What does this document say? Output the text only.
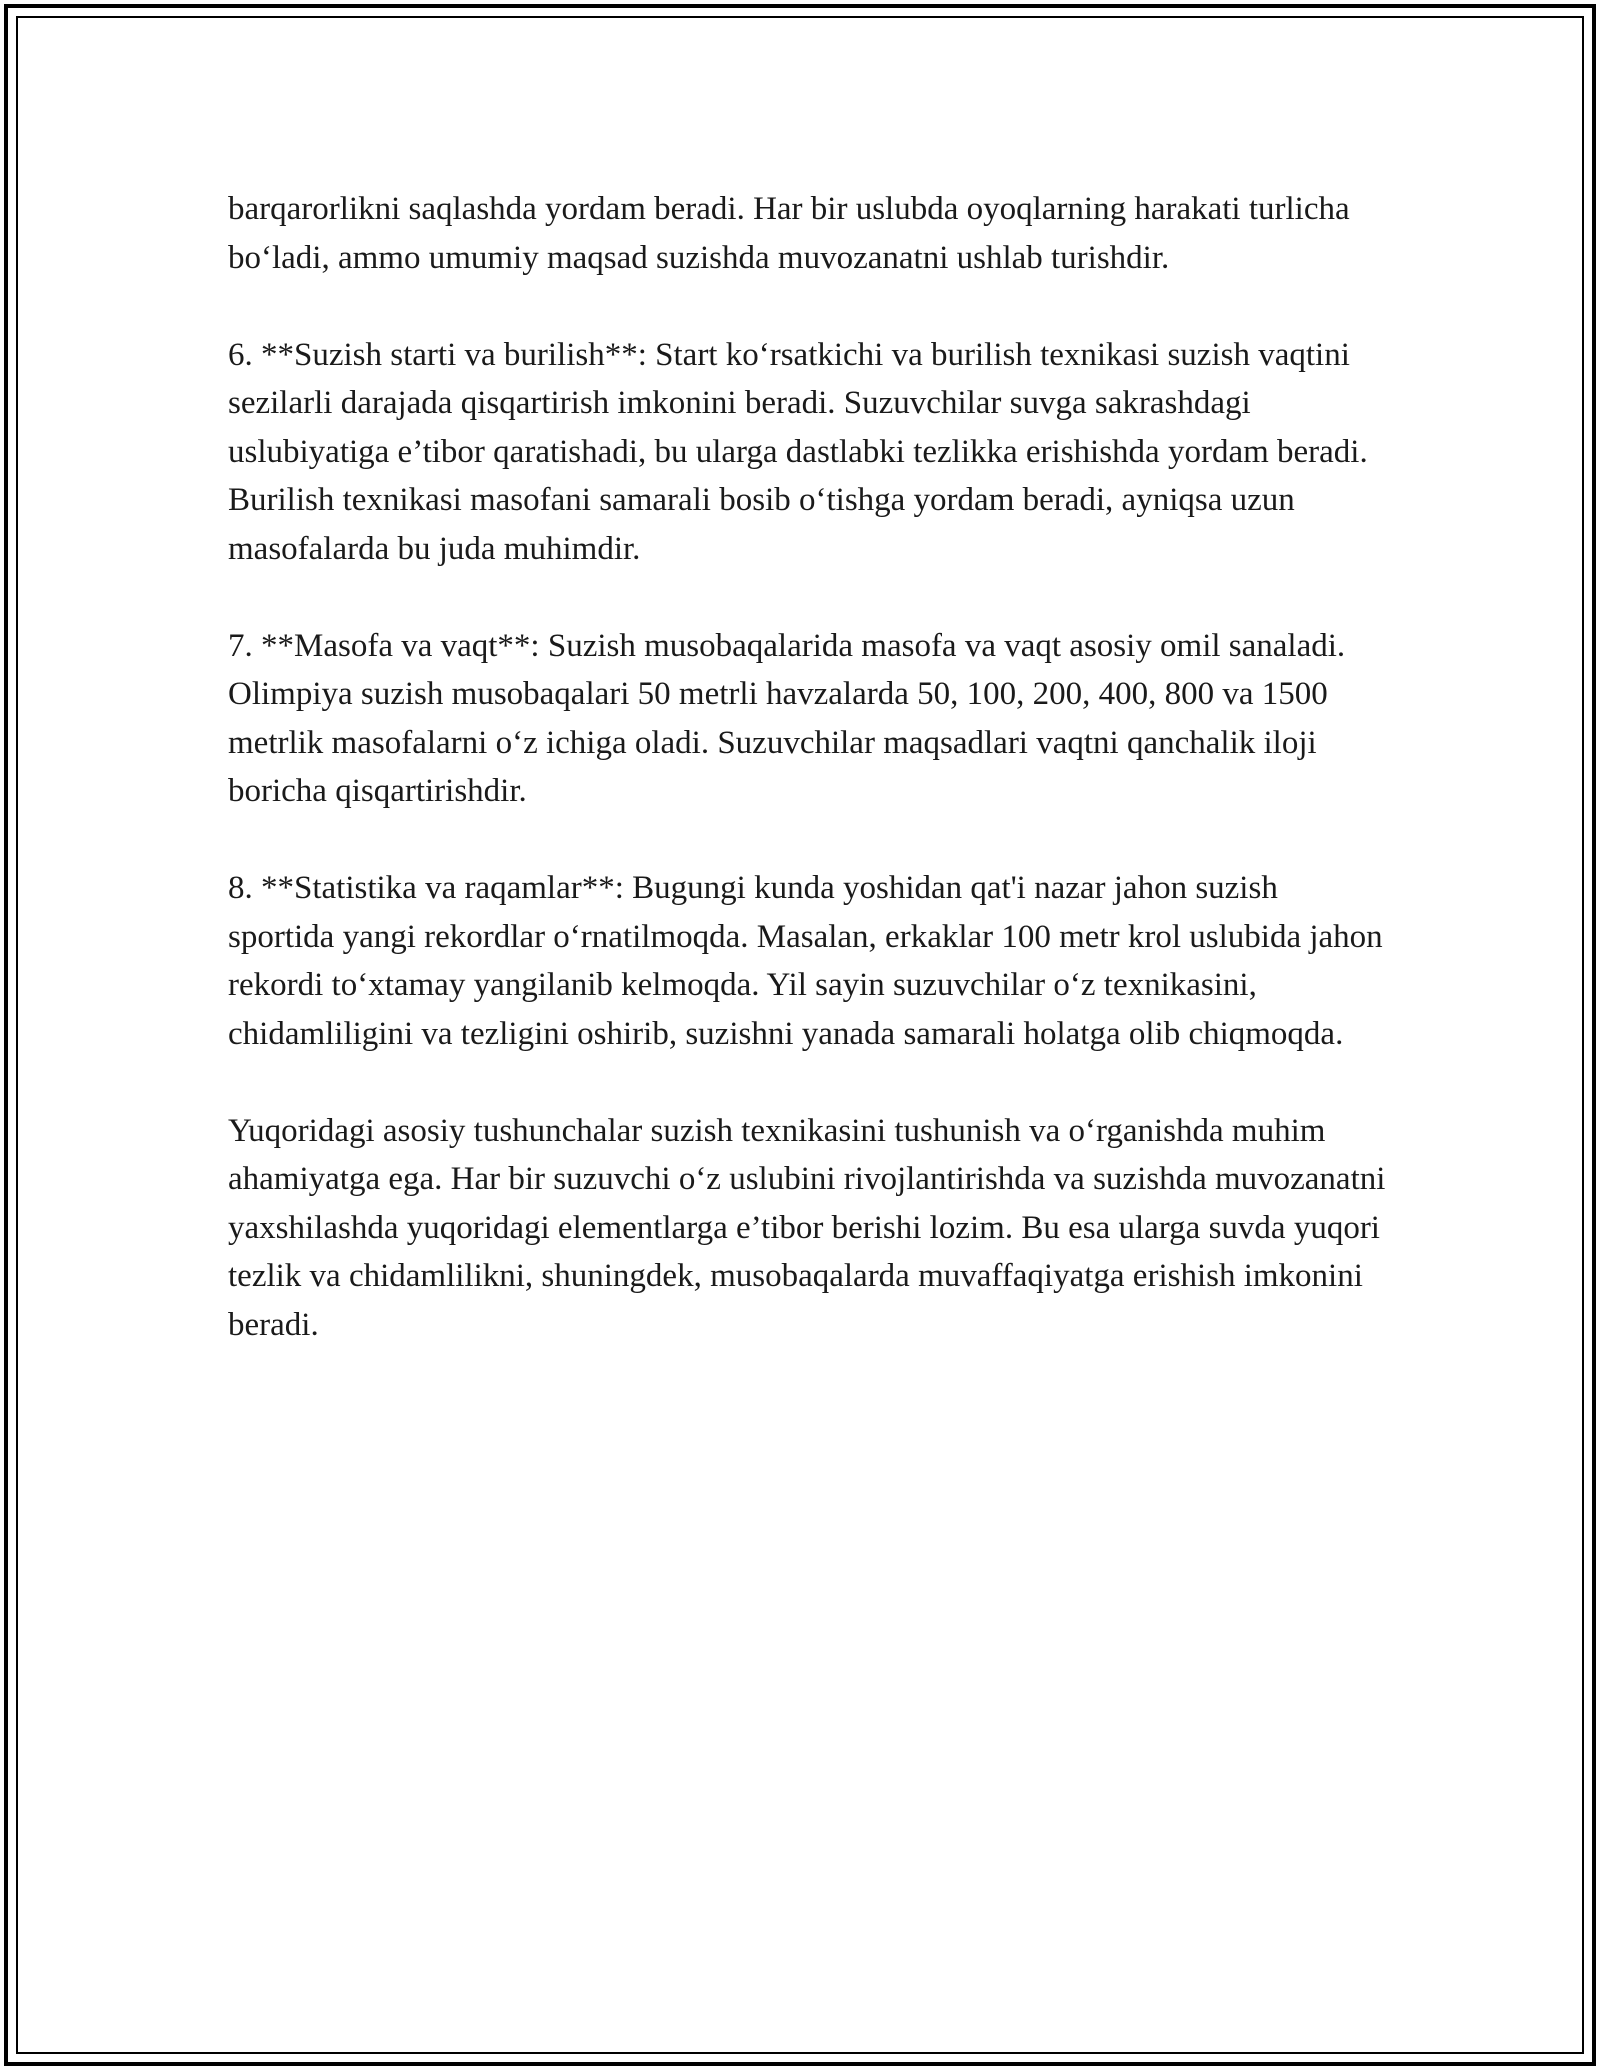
barqarorlikni saqlashda yordam beradi. Har bir uslubda oyoqlarning harakati turlicha bo‘ladi, ammo umumiy maqsad suzishda muvozanatni ushlab turishdir.

6. **Suzish starti va burilish**: Start ko‘rsatkichi va burilish texnikasi suzish vaqtini sezilarli darajada qisqartirish imkonini beradi. Suzuvchilar suvga sakrashdagi uslubiyatiga e’tibor qaratishadi, bu ularga dastlabki tezlikka erishishda yordam beradi. Burilish texnikasi masofani samarali bosib o‘tishga yordam beradi, ayniqsa uzun masofalarda bu juda muhimdir.

7. **Masofa va vaqt**: Suzish musobaqalarida masofa va vaqt asosiy omil sanaladi. Olimpiya suzish musobaqalari 50 metrli havzalarda 50, 100, 200, 400, 800 va 1500 metrlik masofalarni o‘z ichiga oladi. Suzuvchilar maqsadlari vaqtni qanchalik iloji boricha qisqartirishdir.

8. **Statistika va raqamlar**: Bugungi kunda yoshidan qat'i nazar jahon suzish sportida yangi rekordlar o‘rnatilmoqda. Masalan, erkaklar 100 metr krol uslubida jahon rekordi to‘xtamay yangilanib kelmoqda. Yil sayin suzuvchilar o‘z texnikasini, chidamliligini va tezligini oshirib, suzishni yanada samarali holatga olib chiqmoqda.

Yuqoridagi asosiy tushunchalar suzish texnikasini tushunish va o‘rganishda muhim ahamiyatga ega. Har bir suzuvchi o‘z uslubini rivojlantirishda va suzishda muvozanatni yaxshilashda yuqoridagi elementlarga e’tibor berishi lozim. Bu esa ularga suvda yuqori tezlik va chidamlilikni, shuningdek, musobaqalarda muvaffaqiyatga erishish imkonini beradi.
